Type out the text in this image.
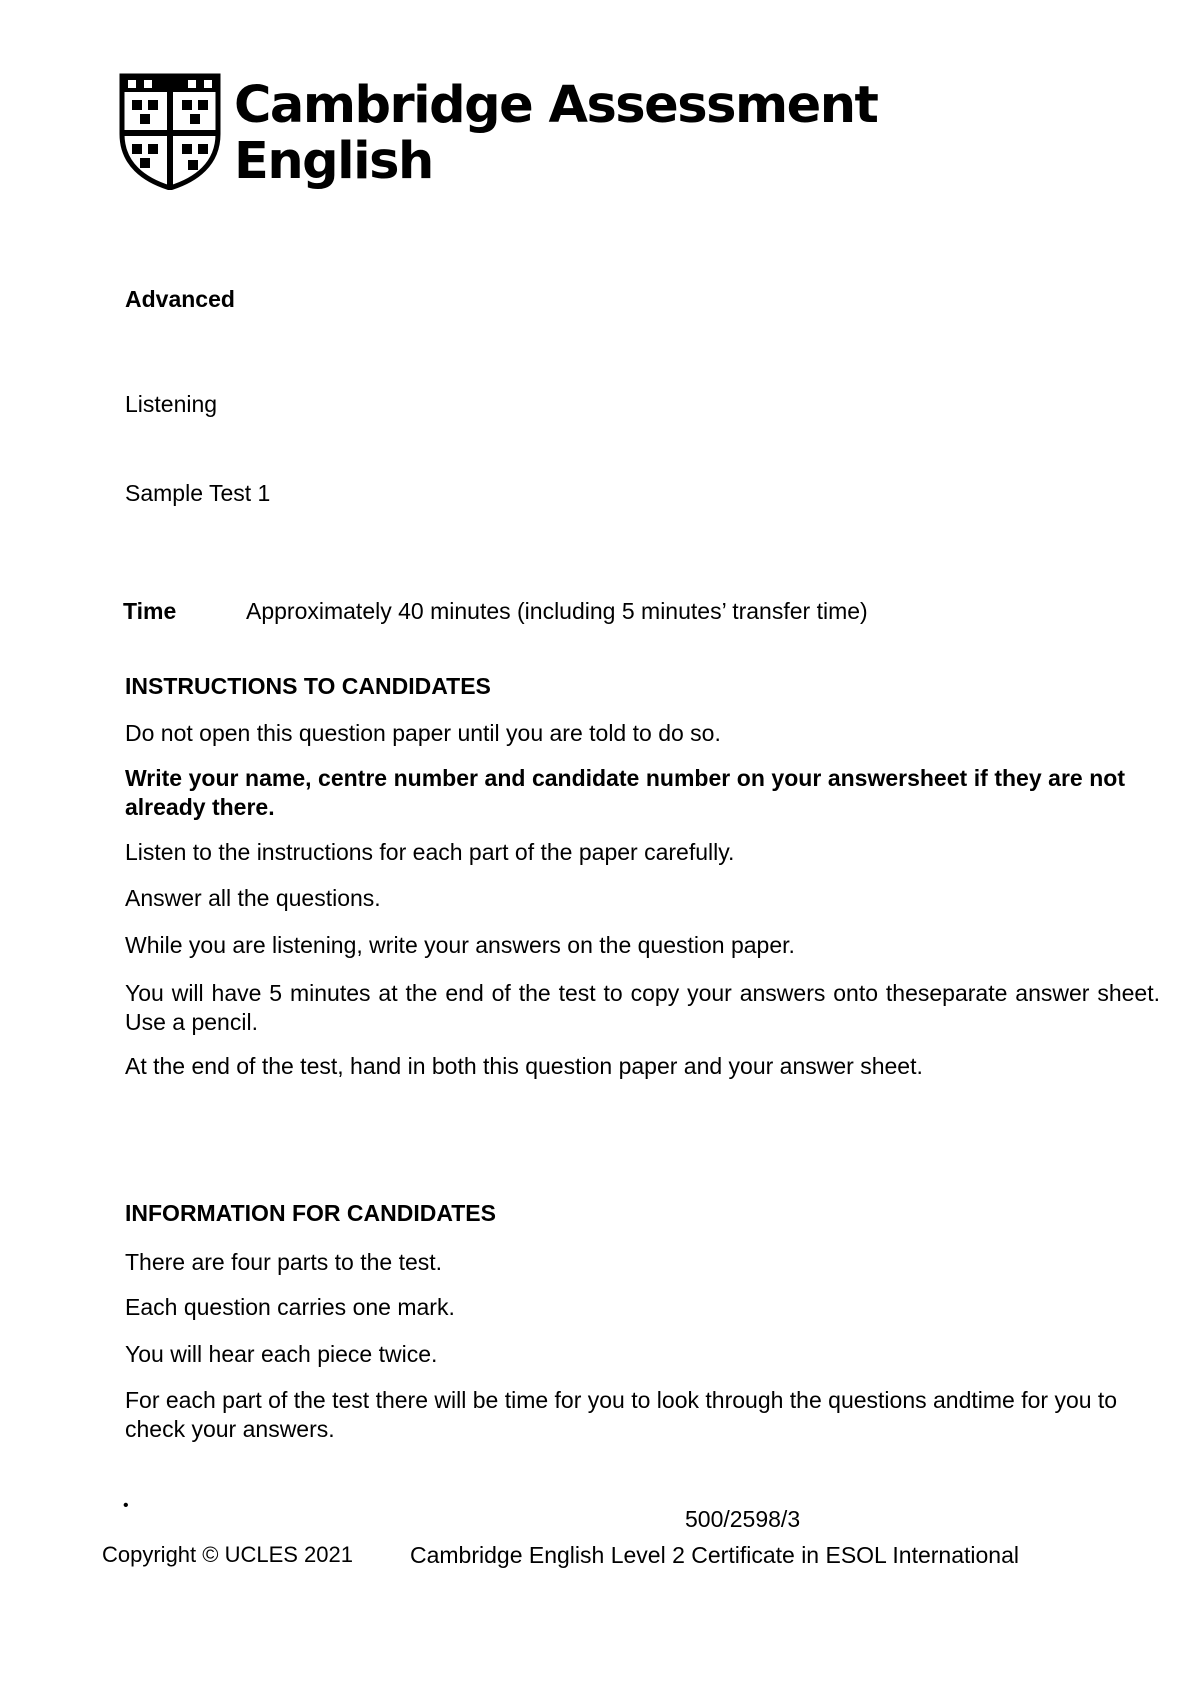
Cambridge Assessment
English
Advanced
Listening
Sample Test 1
Time	Approximately 40 minutes (including 5 minutes’ transfer time)
INSTRUCTIONS TO CANDIDATES
Do not open this question paper until you are told to do so.
Write your name, centre number and candidate number on your answersheet if they are not already there.
Listen to the instructions for each part of the paper carefully.
Answer all the questions.
While you are listening, write your answers on the question paper.
You will have 5 minutes at the end of the test to copy your answers onto theseparate answer sheet. Use a pencil.
At the end of the test, hand in both this question paper and your answer sheet.
INFORMATION FOR CANDIDATES
There are four parts to the test.
Each question carries one mark.
You will hear each piece twice.
For each part of the test there will be time for you to look through the questions andtime for you to check your answers.
•
500/2598/3
Copyright © UCLES 2021 Cambridge English Level 2 Certificate in ESOL International
